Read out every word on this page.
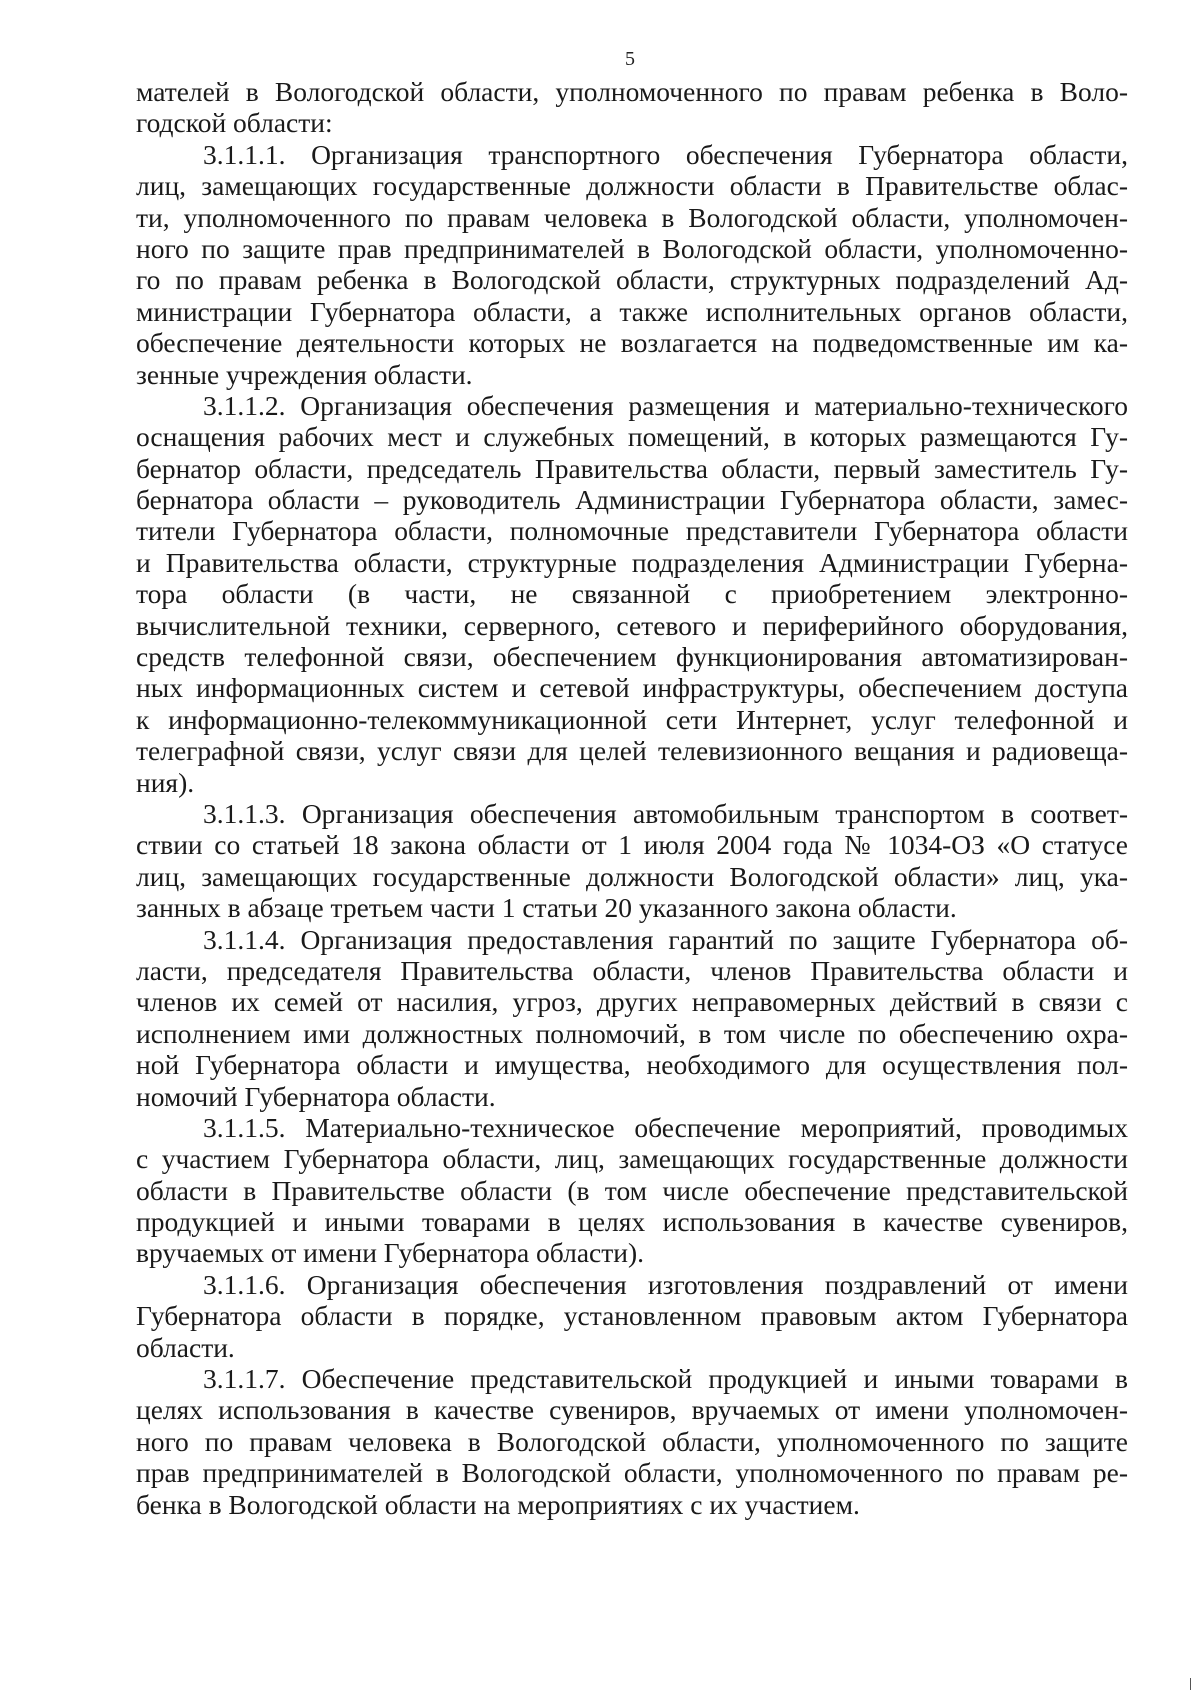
5
мателей в Вологодской области, уполномоченного по правам ребенка в Воло-
годской области:
3.1.1.1. Организация транспортного обеспечения Губернатора области,
лиц, замещающих государственные должности области в Правительстве облас-
ти, уполномоченного по правам человека в Вологодской области, уполномочен-
ного по защите прав предпринимателей в Вологодской области, уполномоченно-
го по правам ребенка в Вологодской области, структурных подразделений Ад-
министрации Губернатора области, а также исполнительных органов области,
обеспечение деятельности которых не возлагается на подведомственные им ка-
зенные учреждения области.
3.1.1.2. Организация обеспечения размещения и материально-технического
оснащения рабочих мест и служебных помещений, в которых размещаются Гу-
бернатор области, председатель Правительства области, первый заместитель Гу-
бернатора области – руководитель Администрации Губернатора области, замес-
тители Губернатора области, полномочные представители Губернатора области
и Правительства области, структурные подразделения Администрации Губерна-
тора области (в части, не связанной с приобретением электронно-
вычислительной техники, серверного, сетевого и периферийного оборудования,
средств телефонной связи, обеспечением функционирования автоматизирован-
ных информационных систем и сетевой инфраструктуры, обеспечением доступа
к информационно-телекоммуникационной сети Интернет, услуг телефонной и
телеграфной связи, услуг связи для целей телевизионного вещания и радиовеща-
ния).
3.1.1.3. Организация обеспечения автомобильным транспортом в соответ-
ствии со статьей 18 закона области от 1 июля 2004 года № 1034-ОЗ «О статусе
лиц, замещающих государственные должности Вологодской области» лиц, ука-
занных в абзаце третьем части 1 статьи 20 указанного закона области.
3.1.1.4. Организация предоставления гарантий по защите Губернатора об-
ласти, председателя Правительства области, членов Правительства области и
членов их семей от насилия, угроз, других неправомерных действий в связи с
исполнением ими должностных полномочий, в том числе по обеспечению охра-
ной Губернатора области и имущества, необходимого для осуществления пол-
номочий Губернатора области.
3.1.1.5. Материально-техническое обеспечение мероприятий, проводимых
с участием Губернатора области, лиц, замещающих государственные должности
области в Правительстве области (в том числе обеспечение представительской
продукцией и иными товарами в целях использования в качестве сувениров,
вручаемых от имени Губернатора области).
3.1.1.6. Организация обеспечения изготовления поздравлений от имени
Губернатора области в порядке, установленном правовым актом Губернатора
области.
3.1.1.7. Обеспечение представительской продукцией и иными товарами в
целях использования в качестве сувениров, вручаемых от имени уполномочен-
ного по правам человека в Вологодской области, уполномоченного по защите
прав предпринимателей в Вологодской области, уполномоченного по правам ре-
бенка в Вологодской области на мероприятиях с их участием.
